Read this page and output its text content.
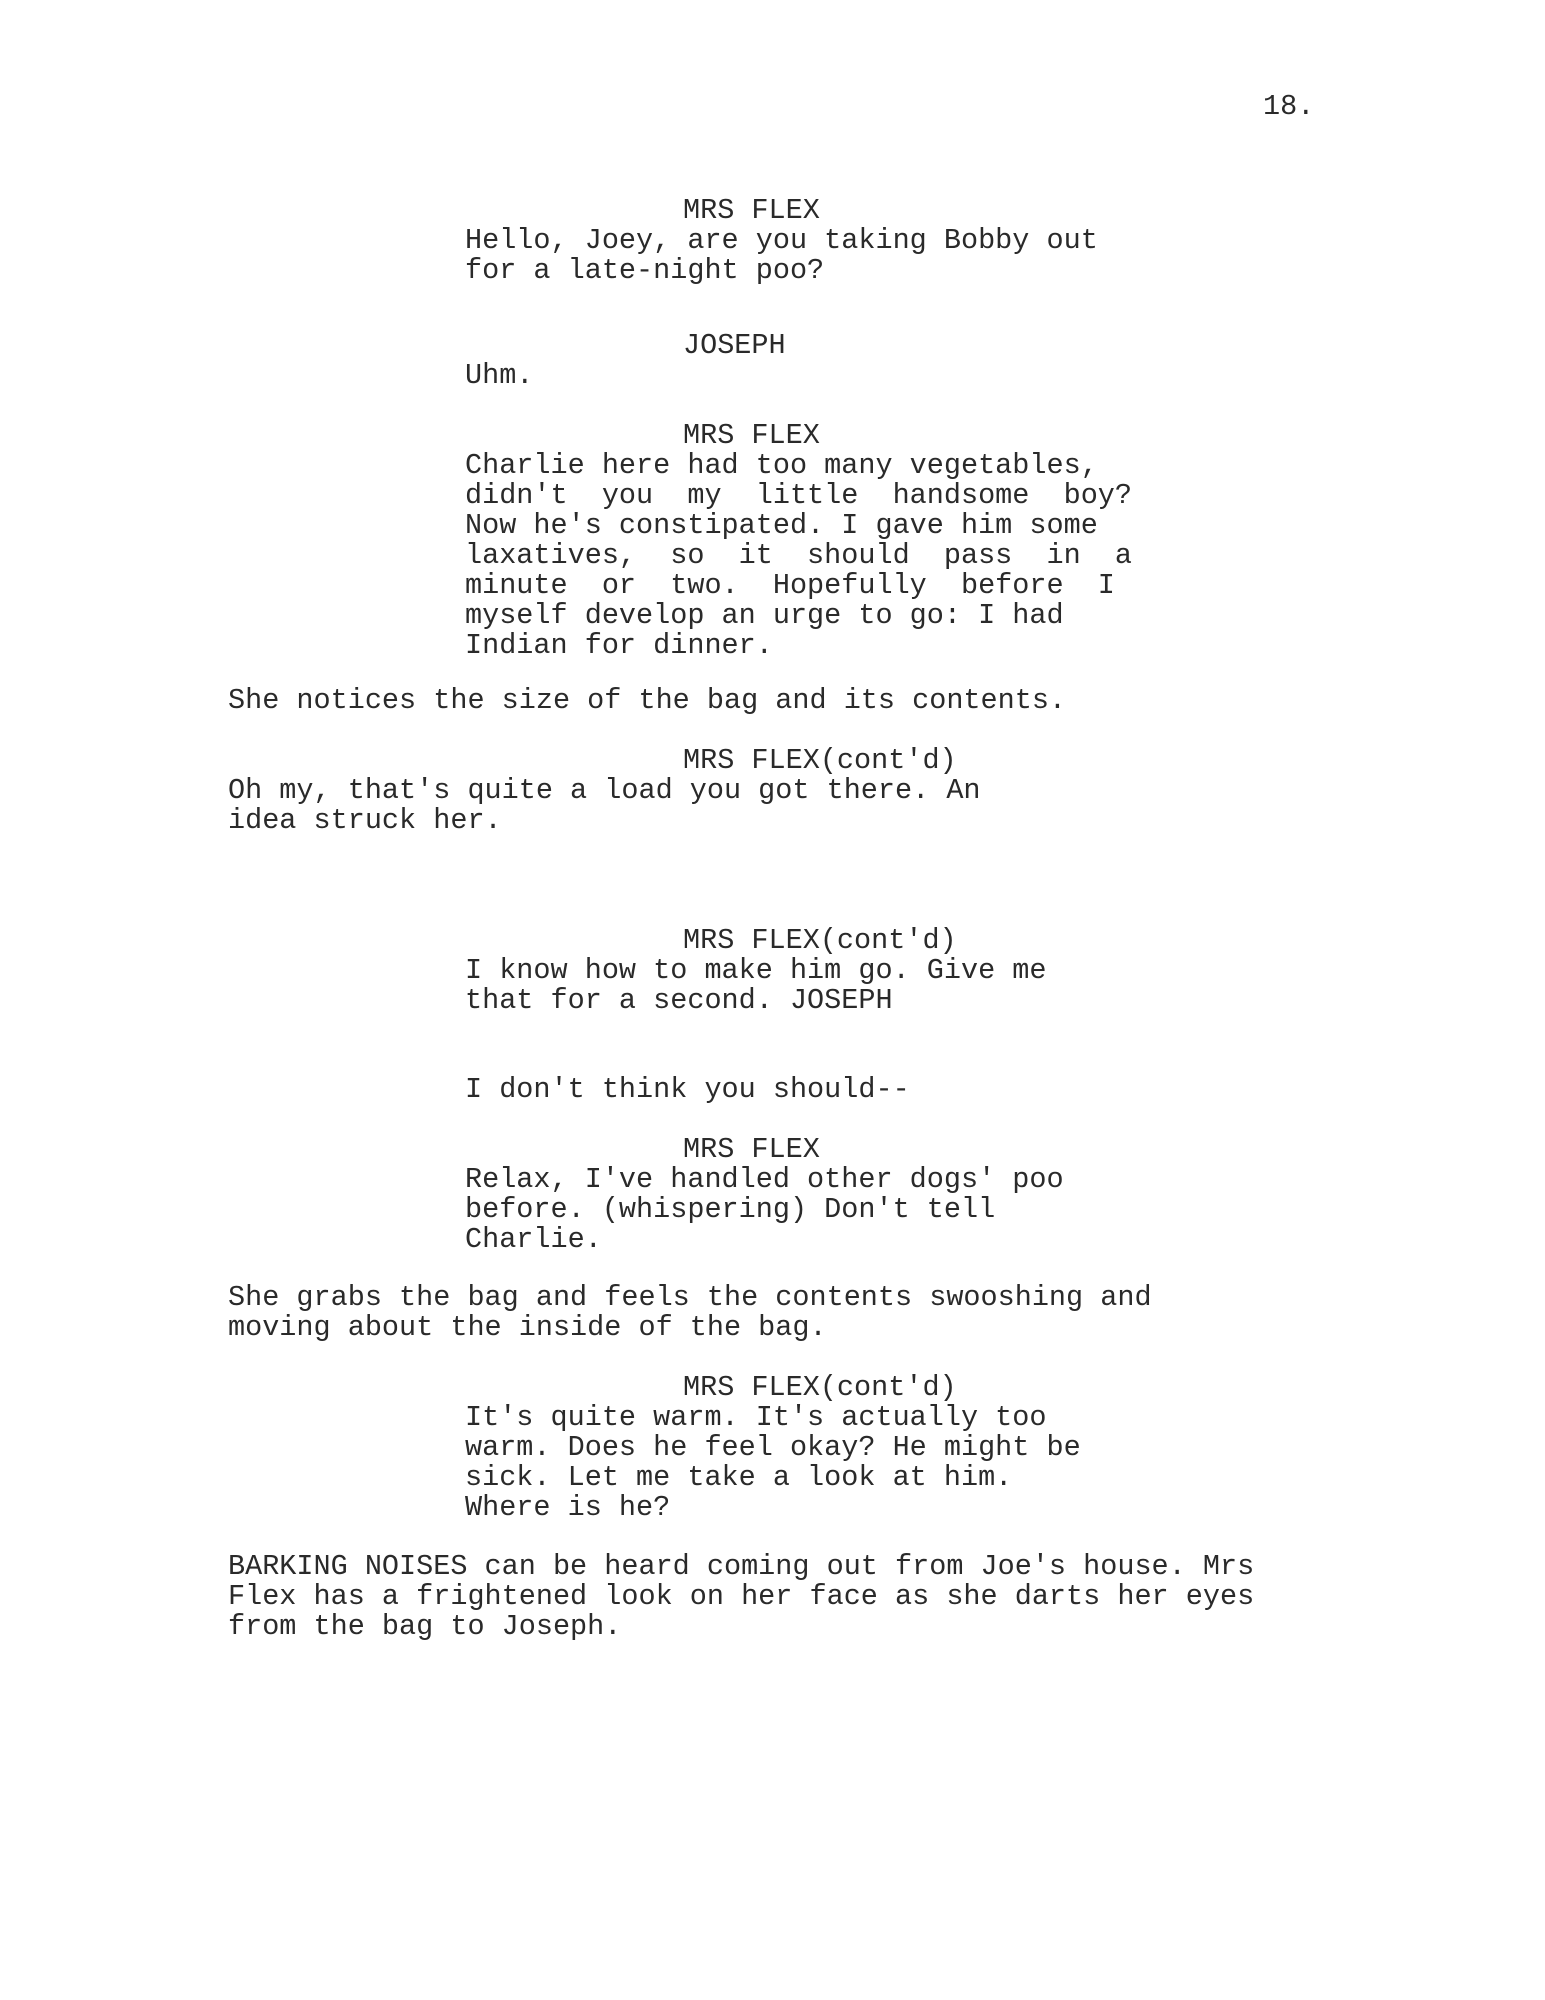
18.
MRS FLEX
Hello, Joey, are you taking Bobby out
for a late-night poo?
JOSEPH
Uhm.
MRS FLEX
Charlie here had too many vegetables,
didn't  you  my  little  handsome  boy?
Now he's constipated. I gave him some
laxatives,  so  it  should  pass  in  a
minute  or  two.  Hopefully  before  I
myself develop an urge to go: I had
Indian for dinner.
She notices the size of the bag and its contents.
MRS FLEX(cont'd)
Oh my, that's quite a load you got there. An
idea struck her.
MRS FLEX(cont'd)
I know how to make him go. Give me
that for a second. JOSEPH
I don't think you should--
MRS FLEX
Relax, I've handled other dogs' poo
before. (whispering) Don't tell
Charlie.
She grabs the bag and feels the contents swooshing and
moving about the inside of the bag.
MRS FLEX(cont'd)
It's quite warm. It's actually too
warm. Does he feel okay? He might be
sick. Let me take a look at him.
Where is he?
BARKING NOISES can be heard coming out from Joe's house. Mrs
Flex has a frightened look on her face as she darts her eyes
from the bag to Joseph.
